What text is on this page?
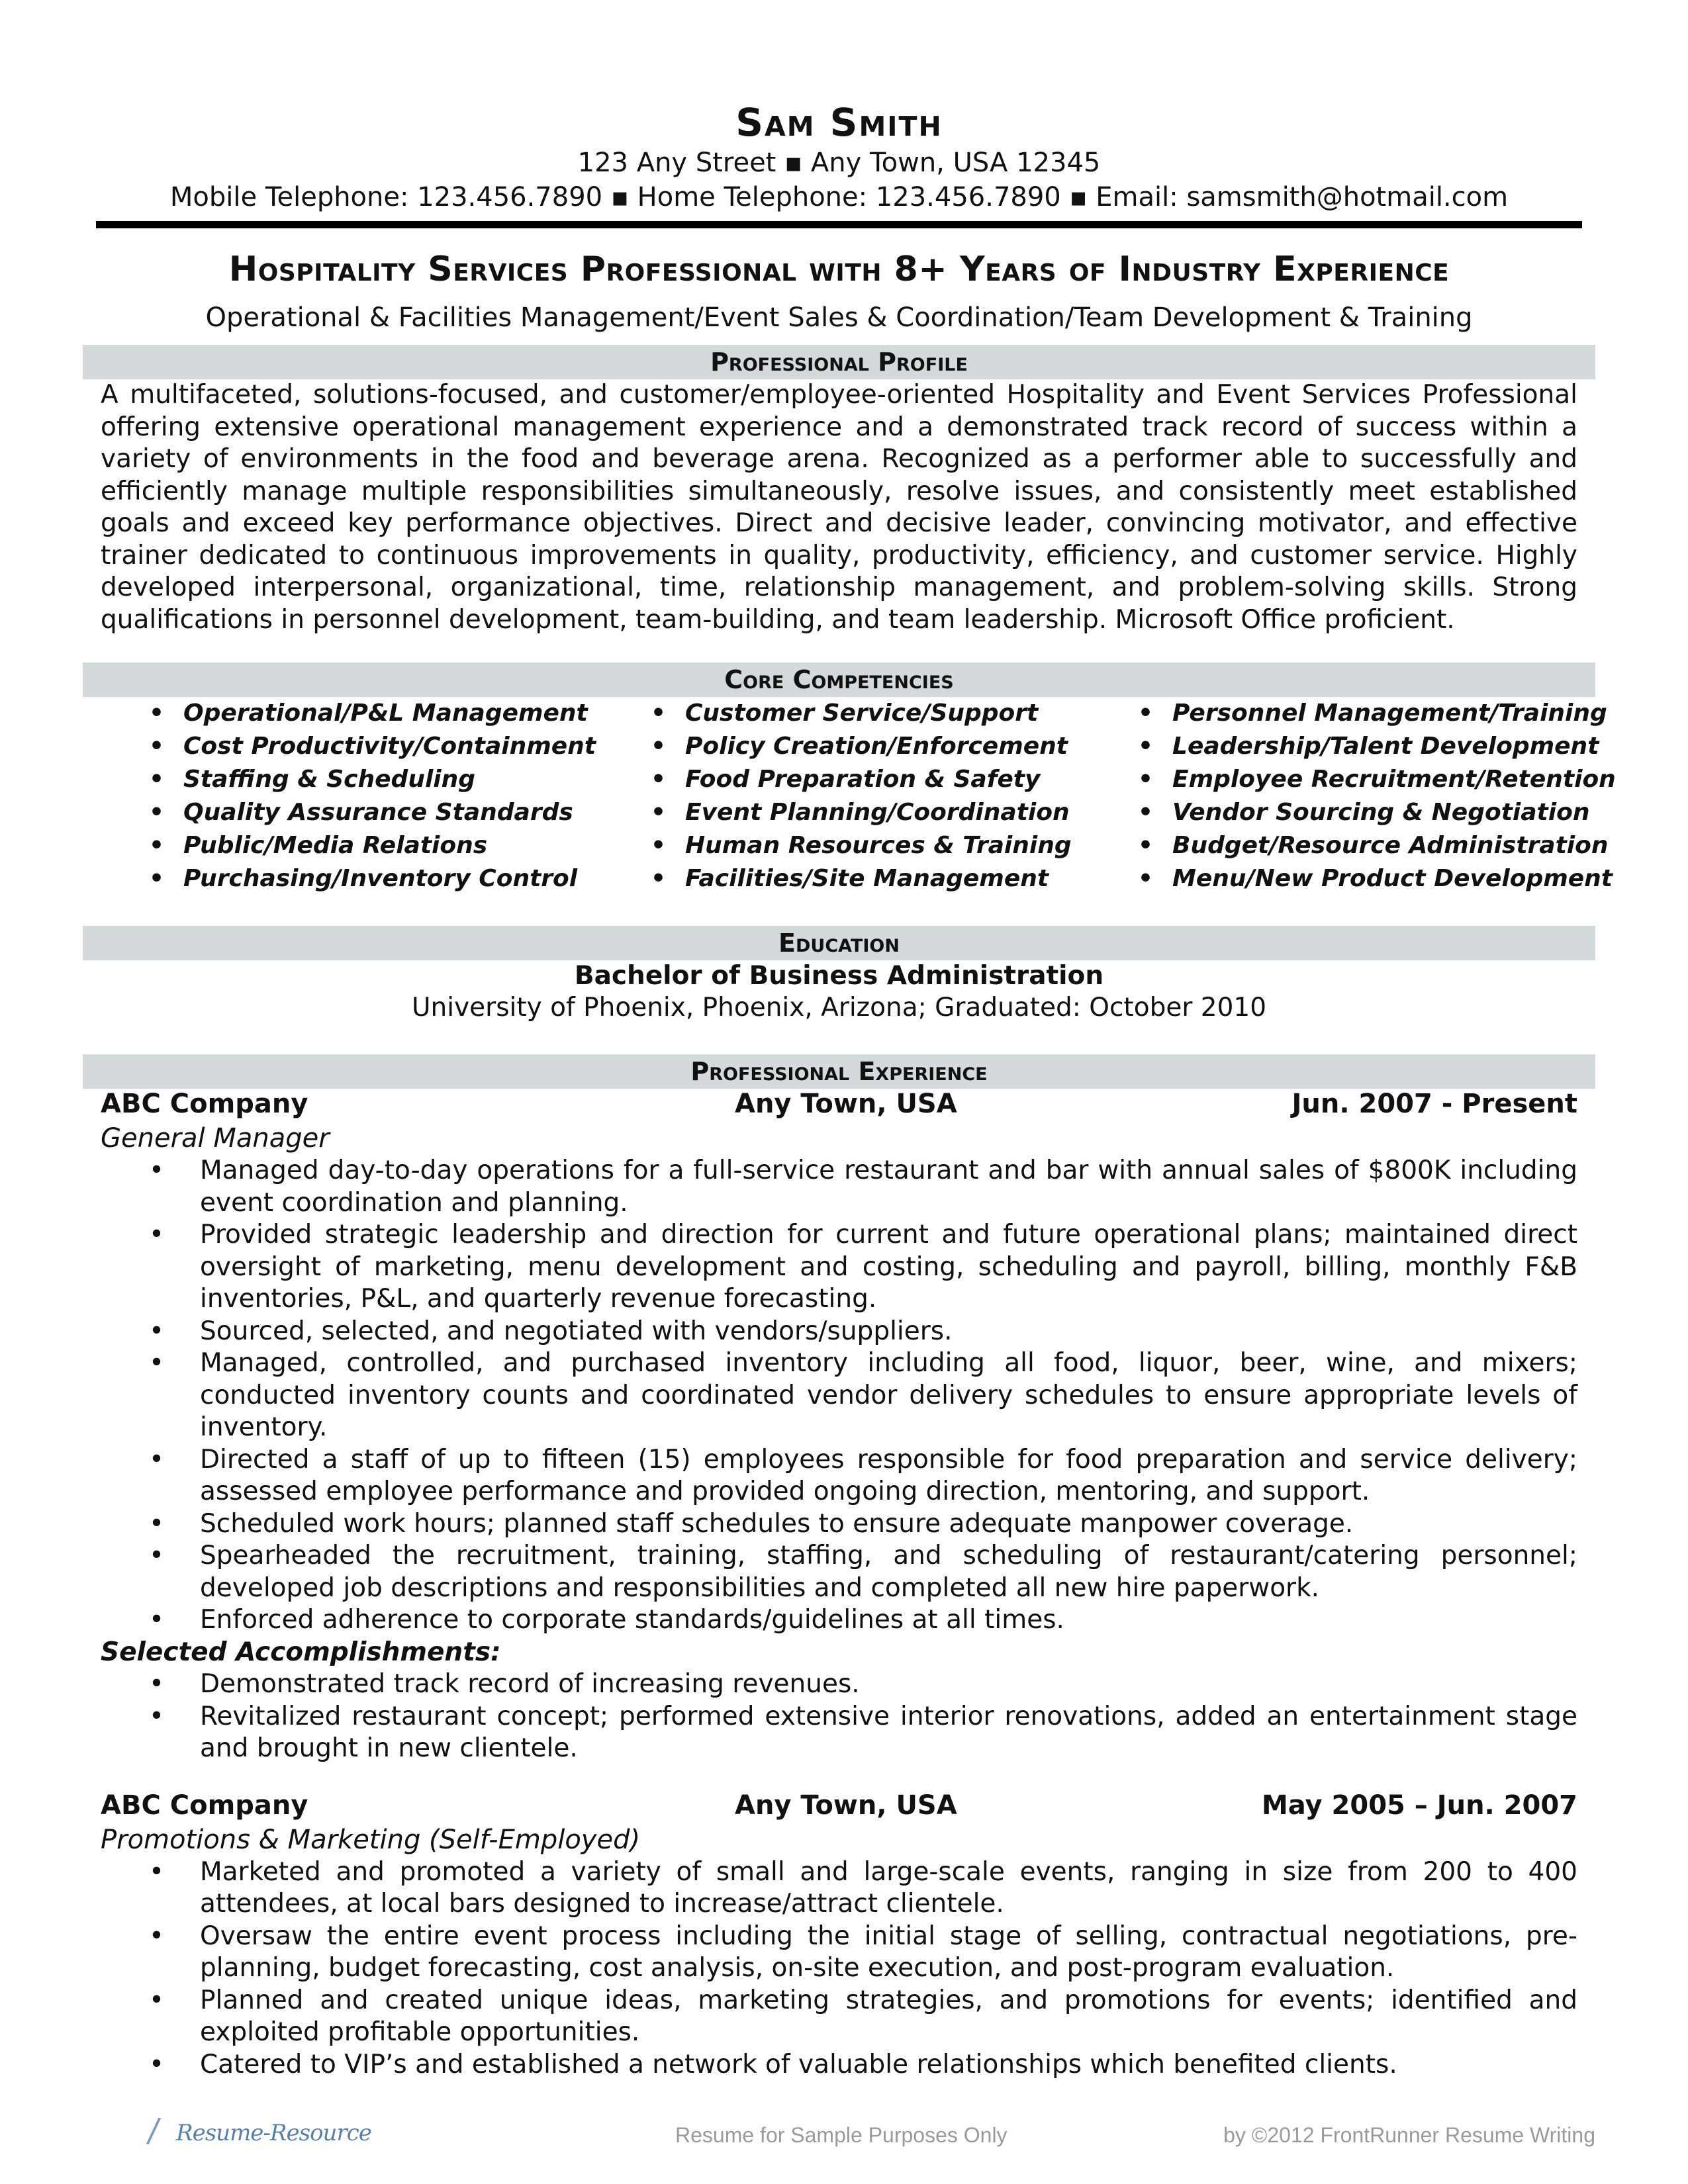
Sam Smith

123 Any Street ▪ Any Town, USA 12345

Mobile Telephone: 123.456.7890 ▪ Home Telephone: 123.456.7890 ▪ Email: samsmith@hotmail.com

Hospitality Services Professional with 8+ Years of Industry Experience

Operational & Facilities Management/Event Sales & Coordination/Team Development & Training

Professional Profile

A multifaceted, solutions-focused, and customer/employee-oriented Hospitality and Event Services Professional offering extensive operational management experience and a demonstrated track record of success within a variety of environments in the food and beverage arena. Recognized as a performer able to successfully and efficiently manage multiple responsibilities simultaneously, resolve issues, and consistently meet established goals and exceed key performance objectives. Direct and decisive leader, convincing motivator, and effective trainer dedicated to continuous improvements in quality, productivity, efficiency, and customer service. Highly developed interpersonal, organizational, time, relationship management, and problem-solving skills. Strong qualifications in personnel development, team-building, and team leadership. Microsoft Office proficient.

Core Competencies

• Operational/P&L Management
• Cost Productivity/Containment
• Staffing & Scheduling
• Quality Assurance Standards
• Public/Media Relations
• Purchasing/Inventory Control
• Customer Service/Support
• Policy Creation/Enforcement
• Food Preparation & Safety
• Event Planning/Coordination
• Human Resources & Training
• Facilities/Site Management
• Personnel Management/Training
• Leadership/Talent Development
• Employee Recruitment/Retention
• Vendor Sourcing & Negotiation
• Budget/Resource Administration
• Menu/New Product Development

Education

Bachelor of Business Administration

University of Phoenix, Phoenix, Arizona; Graduated: October 2010

Professional Experience

ABC Company	Any Town, USA	Jun. 2007 - Present

General Manager

• Managed day-to-day operations for a full-service restaurant and bar with annual sales of $800K including event coordination and planning.
• Provided strategic leadership and direction for current and future operational plans; maintained direct oversight of marketing, menu development and costing, scheduling and payroll, billing, monthly F&B inventories, P&L, and quarterly revenue forecasting.
• Sourced, selected, and negotiated with vendors/suppliers.
• Managed, controlled, and purchased inventory including all food, liquor, beer, wine, and mixers; conducted inventory counts and coordinated vendor delivery schedules to ensure appropriate levels of inventory.
• Directed a staff of up to fifteen (15) employees responsible for food preparation and service delivery; assessed employee performance and provided ongoing direction, mentoring, and support.
• Scheduled work hours; planned staff schedules to ensure adequate manpower coverage.
• Spearheaded the recruitment, training, staffing, and scheduling of restaurant/catering personnel; developed job descriptions and responsibilities and completed all new hire paperwork.
• Enforced adherence to corporate standards/guidelines at all times.

Selected Accomplishments:

• Demonstrated track record of increasing revenues.
• Revitalized restaurant concept; performed extensive interior renovations, added an entertainment stage and brought in new clientele.
ABC Company	Any Town, USA	May 2005 – Jun. 2007

Promotions & Marketing (Self-Employed)

• Marketed and promoted a variety of small and large-scale events, ranging in size from 200 to 400 attendees, at local bars designed to increase/attract clientele.
• Oversaw the entire event process including the initial stage of selling, contractual negotiations, pre-planning, budget forecasting, cost analysis, on-site execution, and post-program evaluation.
• Planned and created unique ideas, marketing strategies, and promotions for events; identified and exploited profitable opportunities.
• Catered to VIP’s and established a network of valuable relationships which benefited clients.
Resume-Resource	Resume for Sample Purposes Only	by ©2012 FrontRunner Resume Writing
